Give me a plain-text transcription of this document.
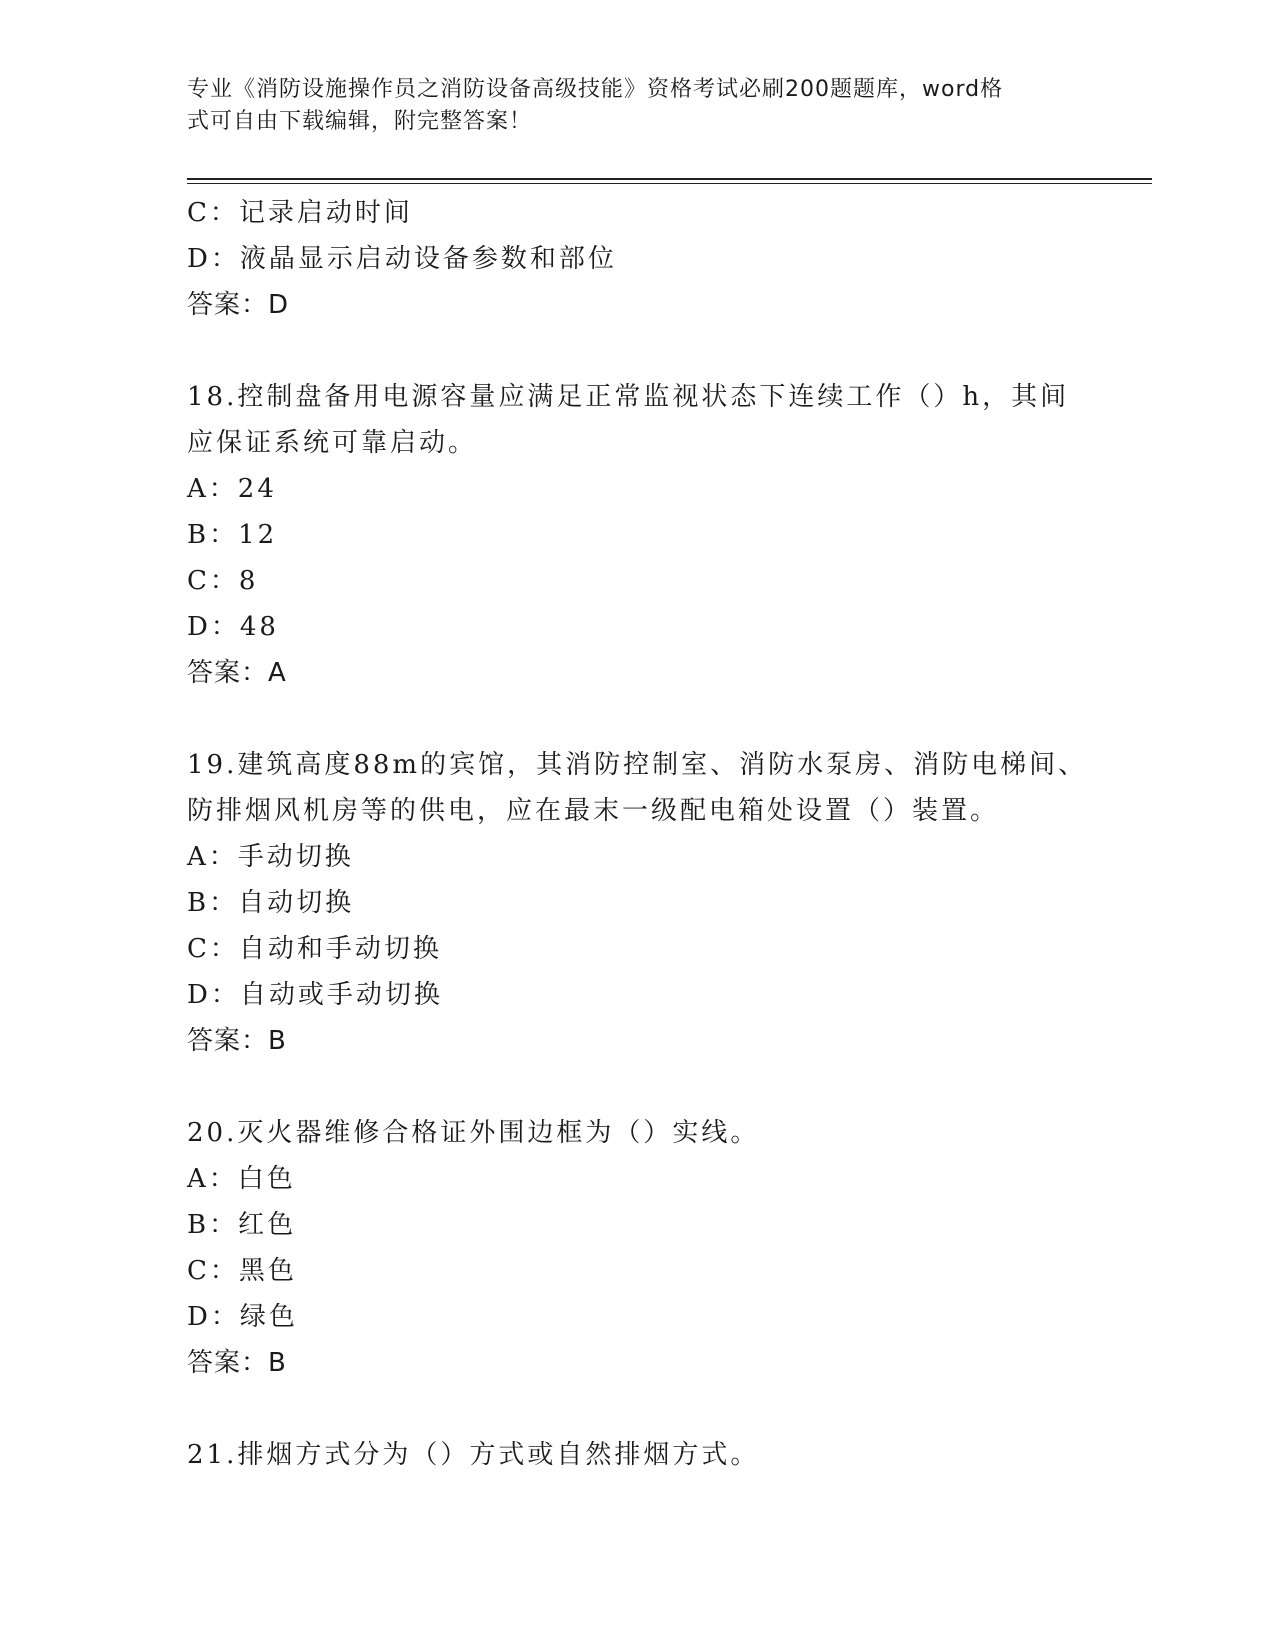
专业《消防设施操作员之消防设备高级技能》资格考试必刷200题题库，word格
式可自由下载编辑，附完整答案！
C：记录启动时间
D：液晶显示启动设备参数和部位
答案：D
18.控制盘备用电源容量应满足正常监视状态下连续工作（）h，其间
应保证系统可靠启动。
A：24
B：12
C：8
D：48
答案：A
19.建筑高度88m的宾馆，其消防控制室、消防水泵房、消防电梯间、
防排烟风机房等的供电，应在最末一级配电箱处设置（）装置。
A：手动切换
B：自动切换
C：自动和手动切换
D：自动或手动切换
答案：B
20.灭火器维修合格证外围边框为（）实线。
A：白色
B：红色
C：黑色
D：绿色
答案：B
21.排烟方式分为（）方式或自然排烟方式。
